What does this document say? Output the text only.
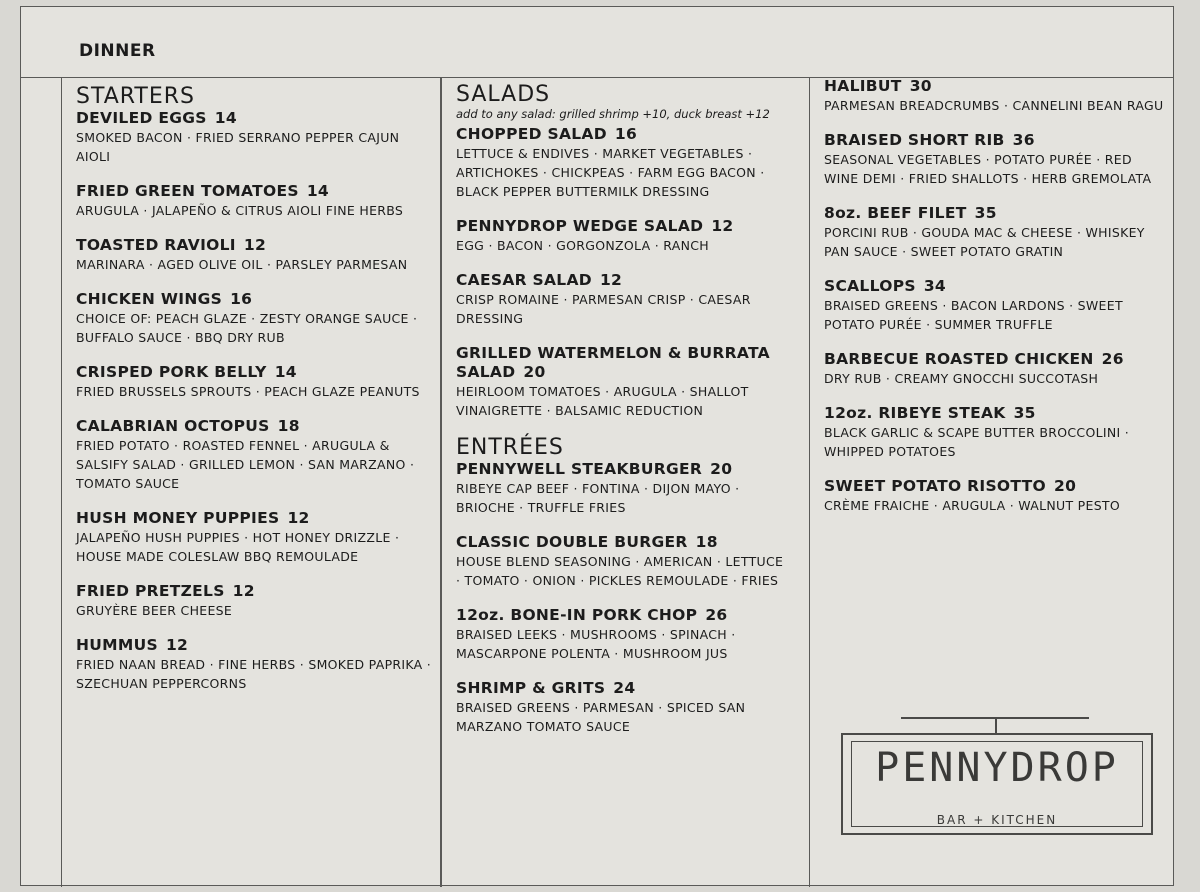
DINNER
STARTERS
DEVILED EGGS 14
SMOKED BACON · FRIED SERRANO PEPPER CAJUN AIOLI
FRIED GREEN TOMATOES 14
ARUGULA · JALAPEÑO & CITRUS AIOLI FINE HERBS
TOASTED RAVIOLI 12
MARINARA · AGED OLIVE OIL · PARSLEY PARMESAN
CHICKEN WINGS 16
CHOICE OF: PEACH GLAZE · ZESTY ORANGE SAUCE · BUFFALO SAUCE · BBQ DRY RUB
CRISPED PORK BELLY 14
FRIED BRUSSELS SPROUTS · PEACH GLAZE PEANUTS
CALABRIAN OCTOPUS 18
FRIED POTATO · ROASTED FENNEL · ARUGULA & SALSIFY SALAD · GRILLED LEMON · SAN MARZANO · TOMATO SAUCE
HUSH MONEY PUPPIES 12
JALAPEÑO HUSH PUPPIES · HOT HONEY DRIZZLE · HOUSE MADE COLESLAW BBQ REMOULADE
FRIED PRETZELS 12
GRUYÈRE BEER CHEESE
HUMMUS 12
FRIED NAAN BREAD · FINE HERBS · SMOKED PAPRIKA · SZECHUAN PEPPERCORNS
SALADS

add to any salad: grilled shrimp +10, duck breast +12

CHOPPED SALAD 16
LETTUCE & ENDIVES · MARKET VEGETABLES · ARTICHOKES · CHICKPEAS · FARM EGG BACON · BLACK PEPPER BUTTERMILK DRESSING
PENNYDROP WEDGE SALAD 12
EGG · BACON · GORGONZOLA · RANCH
CAESAR SALAD 12
CRISP ROMAINE · PARMESAN CRISP · CAESAR DRESSING
GRILLED WATERMELON & BURRATA SALAD 20
HEIRLOOM TOMATOES · ARUGULA · SHALLOT VINAIGRETTE · BALSAMIC REDUCTION
ENTRÉES
PENNYWELL STEAKBURGER 20
RIBEYE CAP BEEF · FONTINA · DIJON MAYO · BRIOCHE · TRUFFLE FRIES
CLASSIC DOUBLE BURGER 18
HOUSE BLEND SEASONING · AMERICAN · LETTUCE · TOMATO · ONION · PICKLES REMOULADE · FRIES
12oz. BONE-IN PORK CHOP 26
BRAISED LEEKS · MUSHROOMS · SPINACH · MASCARPONE POLENTA · MUSHROOM JUS
SHRIMP & GRITS 24
BRAISED GREENS · PARMESAN · SPICED SAN MARZANO TOMATO SAUCE
HALIBUT 30
PARMESAN BREADCRUMBS · CANNELINI BEAN RAGU
BRAISED SHORT RIB 36
SEASONAL VEGETABLES · POTATO PURÉE · RED WINE DEMI · FRIED SHALLOTS · HERB GREMOLATA
8oz. BEEF FILET 35
PORCINI RUB · GOUDA MAC & CHEESE · WHISKEY PAN SAUCE · SWEET POTATO GRATIN
SCALLOPS 34
BRAISED GREENS · BACON LARDONS · SWEET POTATO PURÉE · SUMMER TRUFFLE
BARBECUE ROASTED CHICKEN 26
DRY RUB · CREAMY GNOCCHI SUCCOTASH
12oz. RIBEYE STEAK 35
BLACK GARLIC & SCAPE BUTTER BROCCOLINI · WHIPPED POTATOES
SWEET POTATO RISOTTO 20
CRÈME FRAICHE · ARUGULA · WALNUT PESTO
PENNYDROP
BAR + KITCHEN
